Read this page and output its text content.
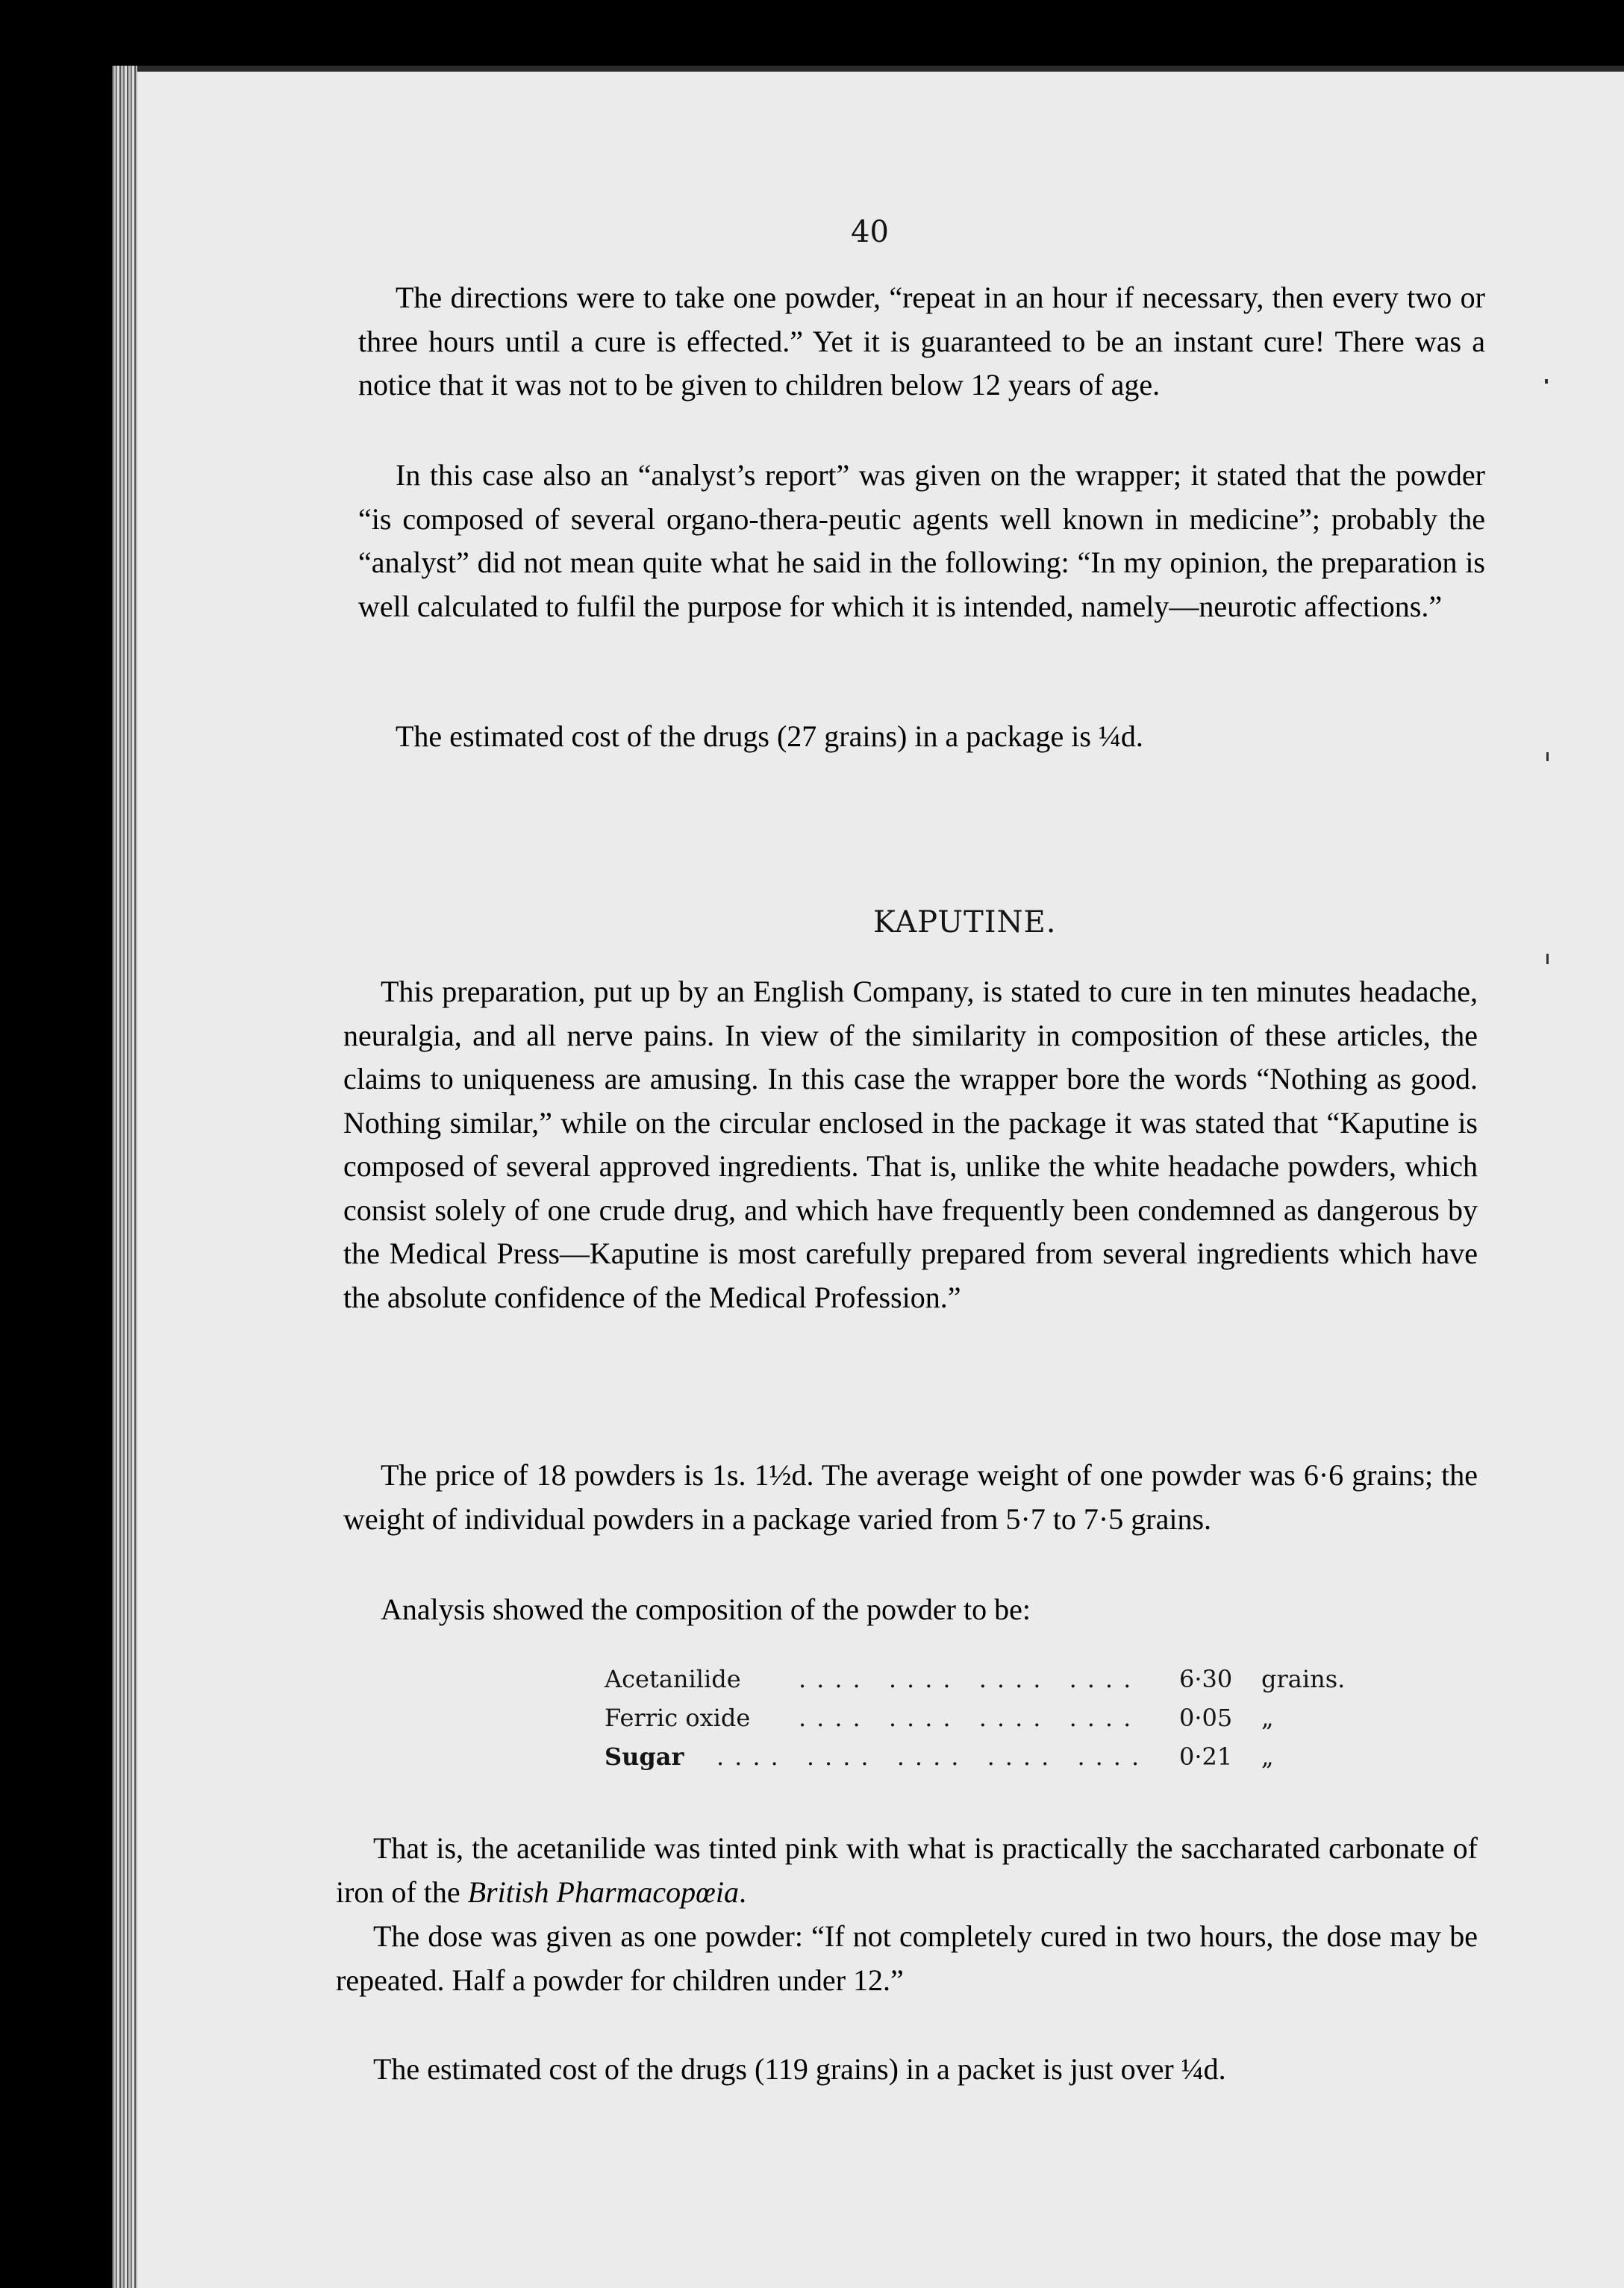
40

The directions were to take one powder, “repeat in an hour if necessary, then every two or three hours until a cure is effected.” Yet it is guaranteed to be an instant cure! There was a notice that it was not to be given to children below 12 years of age.

In this case also an “analyst’s report” was given on the wrapper; it stated that the powder “is composed of several organo-thera-peutic agents well known in medicine”; probably the “analyst” did not mean quite what he said in the following: “In my opinion, the preparation is well calculated to fulfil the purpose for which it is intended, namely—neurotic affections.”

The estimated cost of the drugs (27 grains) in a package is ¼d.

KAPUTINE.

This preparation, put up by an English Company, is stated to cure in ten minutes headache, neuralgia, and all nerve pains. In view of the similarity in composition of these articles, the claims to uniqueness are amusing. In this case the wrapper bore the words “Nothing as good. Nothing similar,” while on the circular enclosed in the package it was stated that “Kaputine is composed of several approved ingredients. That is, unlike the white headache powders, which consist solely of one crude drug, and which have frequently been condemned as dangerous by the Medical Press—Kaputine is most carefully prepared from several ingredients which have the absolute confidence of the Medical Profession.”

The price of 18 powders is 1s. 1½d. The average weight of one powder was 6·6 grains; the weight of individual powders in a package varied from 5·7 to 7·5 grains.

Analysis showed the composition of the powder to be:

Acetanilide .... .... .... .... 6·30 grains.
Ferric oxide .... .... .... .... 0·05 „
Sugar .... .... .... .... .... 0·21 „

That is, the acetanilide was tinted pink with what is practically the saccharated carbonate of iron of the British Pharmacopœia.

The dose was given as one powder: “If not completely cured in two hours, the dose may be repeated. Half a powder for children under 12.”

The estimated cost of the drugs (119 grains) in a packet is just over ¼d.
